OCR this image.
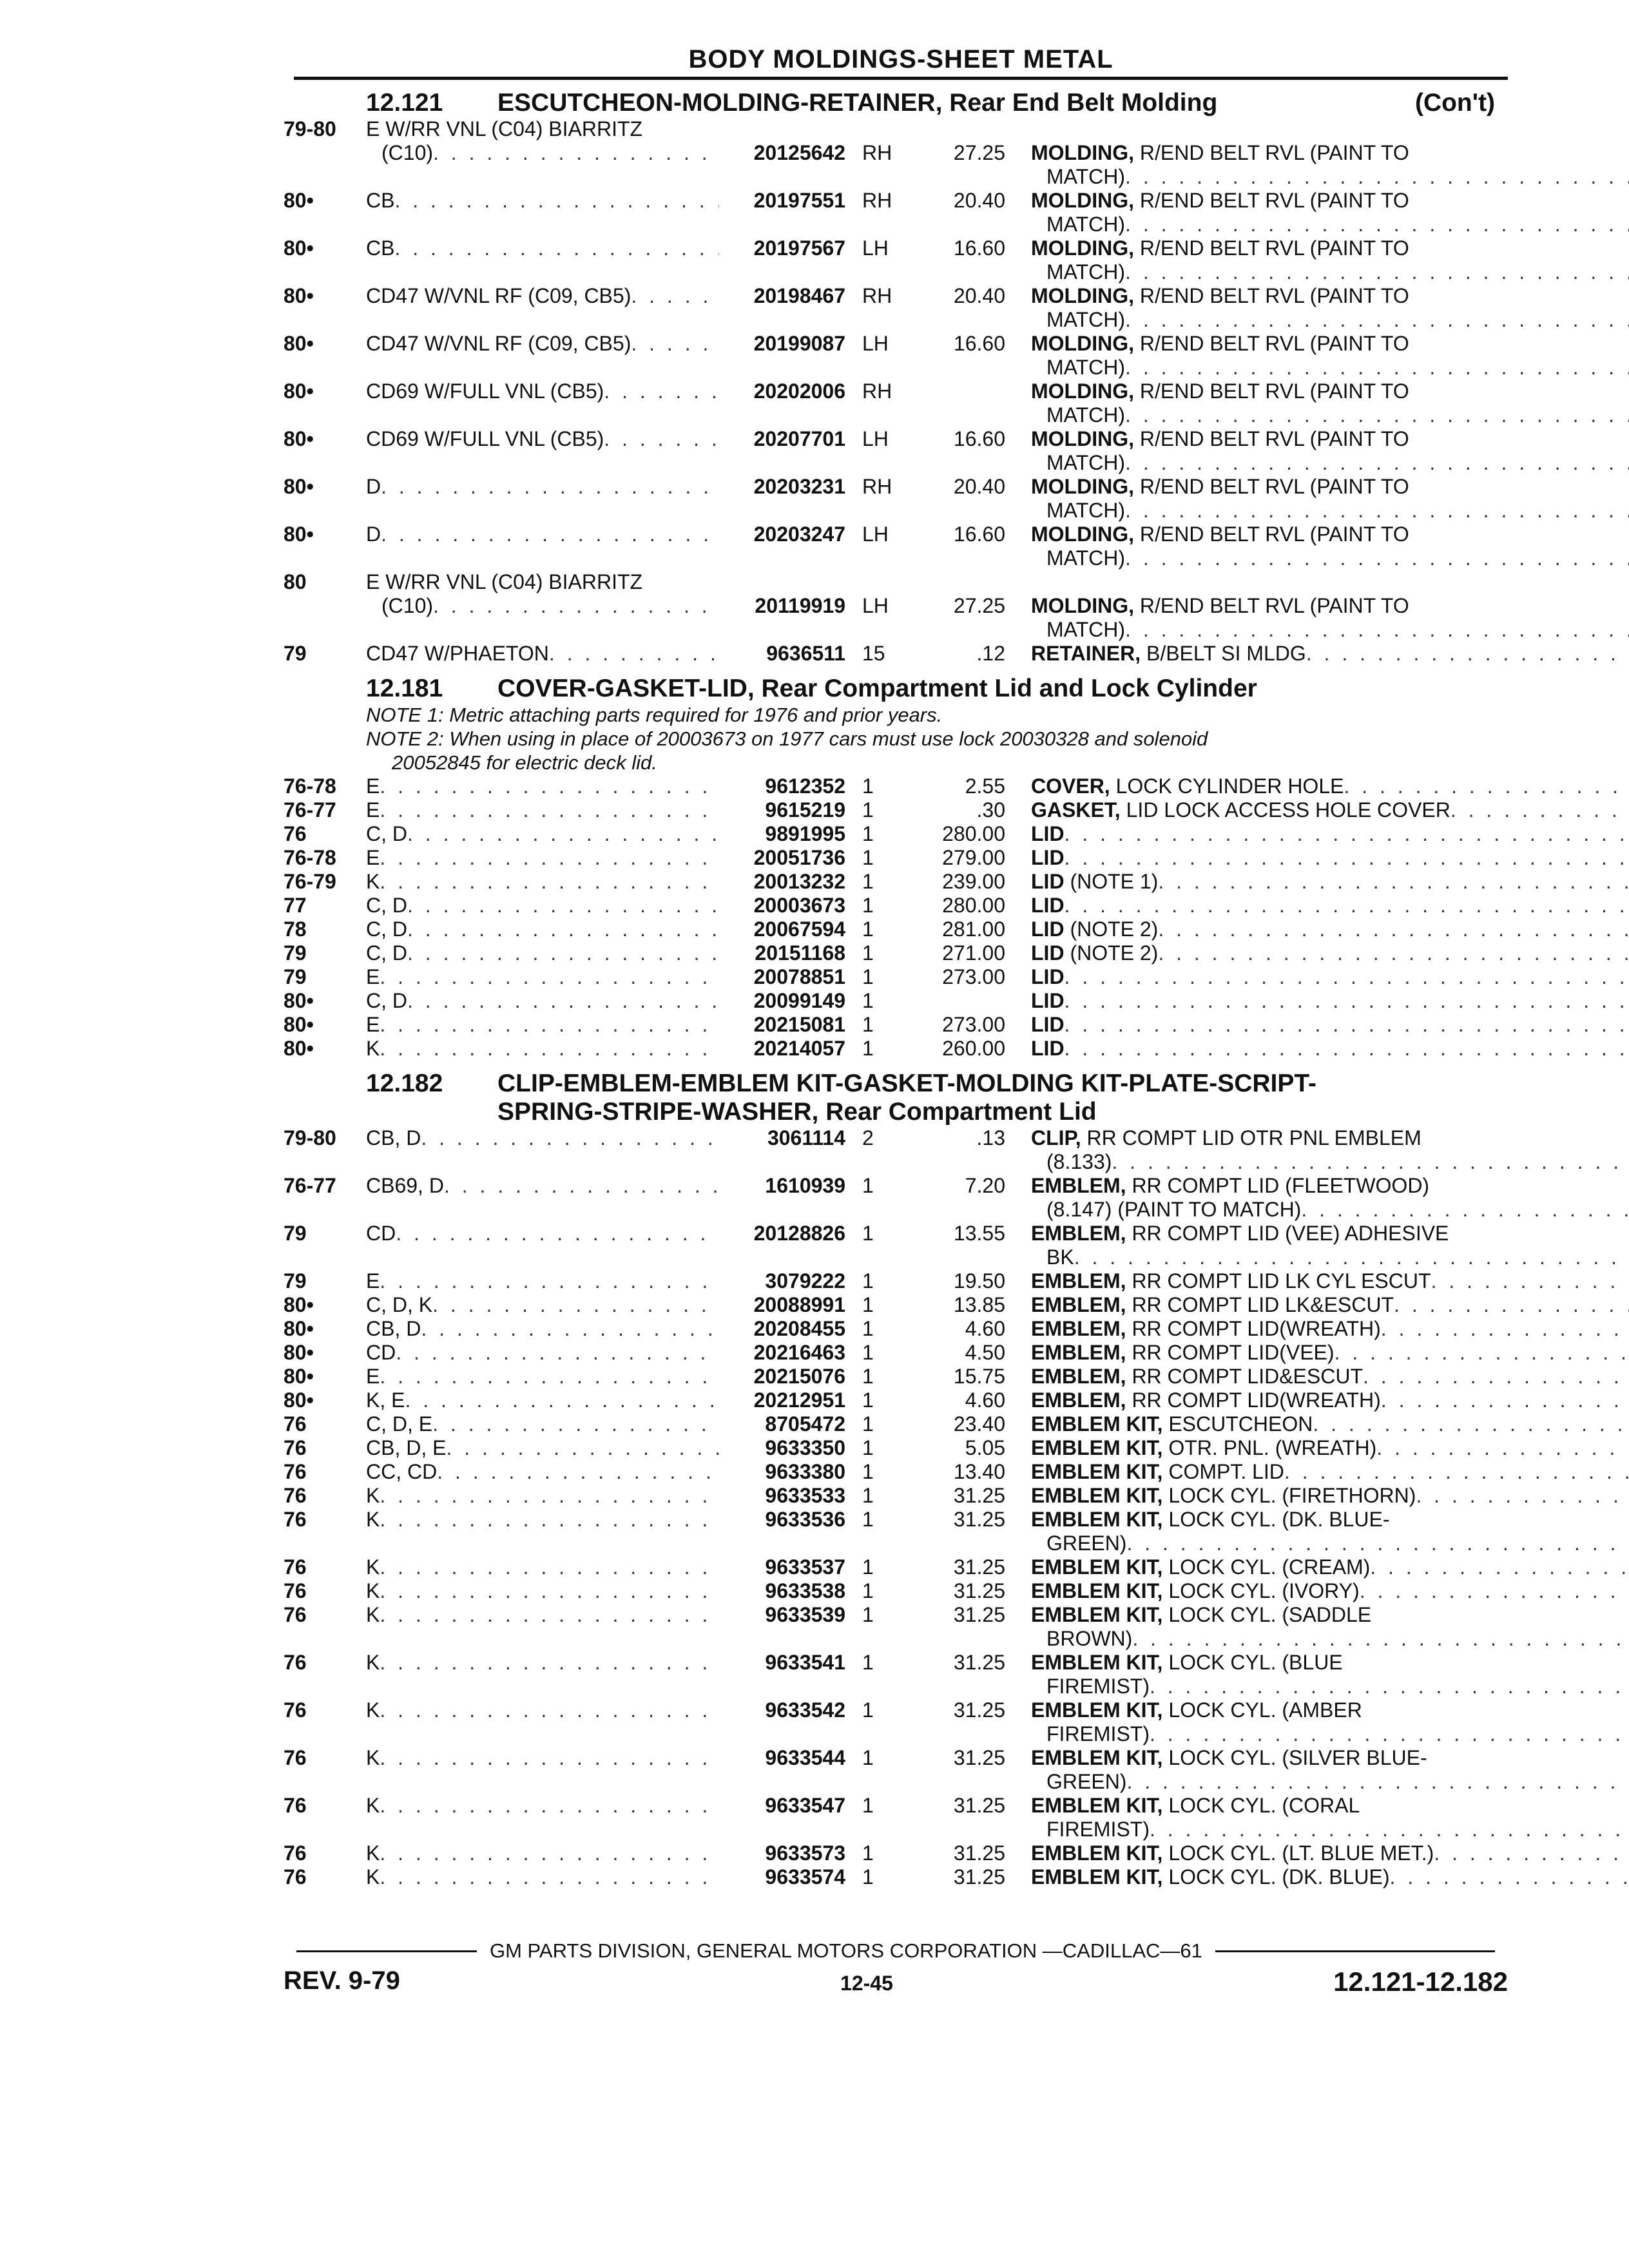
BODY MOLDINGS-SHEET METAL
12.121	ESCUTCHEON-MOLDING-RETAINER, Rear End Belt Molding	(Con't)
79-80	E W/RR VNL (C04) BIARRITZ
(C10) . . .	20125642 RH	27.25 MOLDING, R/END BELT RVL (PAINT TO
MATCH)
. . .
80•	CB . . .	20197551 RH	20.40 MOLDING, R/END BELT RVL (PAINT TO
MATCH)
. . .
80•	CB . . .	20197567 LH	16.60 MOLDING, R/END BELT RVL (PAINT TO
MATCH)
. . .
80•	CD47 W/VNL RF (C09, CB5) . . .	20198467 RH	20.40 MOLDING, R/END BELT RVL (PAINT TO
MATCH)
. . .
80•	CD47 W/VNL RF (C09, CB5) . . .	20199087 LH	16.60 MOLDING, R/END BELT RVL (PAINT TO
MATCH)
. . .
80•	CD69 W/FULL VNL (CB5) . . .	20202006 RH	MOLDING, R/END BELT RVL (PAINT TO
MATCH)
. . .
80•	CD69 W/FULL VNL (CB5) . . .	20207701 LH	16.60 MOLDING, R/END BELT RVL (PAINT TO
MATCH)
. . .
80•	D . . .	20203231 RH	20.40 MOLDING, R/END BELT RVL (PAINT TO
MATCH)
. . .
80•	D . . .	20203247 LH	16.60 MOLDING, R/END BELT RVL (PAINT TO
MATCH)
. . .
80	E W/RR VNL (C04) BIARRITZ
(C10) . . .	20119919 LH	27.25 MOLDING, R/END BELT RVL (PAINT TO
MATCH)
. . .
79	CD47 W/PHAETON . . .	9636511 15	.12 RETAINER, B/BELT SI MLDG
. . .
12.181	COVER-GASKET-LID, Rear Compartment Lid and Lock Cylinder
NOTE 1: Metric attaching parts required for 1976 and prior years.
NOTE 2: When using in place of 20003673 on 1977 cars must use lock 20030328 and solenoid
20052845 for electric deck lid.
76-78	E . . .	9612352 1	2.55 COVER, LOCK CYLINDER HOLE
. . .
76-77	E . . .	9615219 1	.30 GASKET, LID LOCK ACCESS HOLE COVER
. . .
76	C, D . . .	9891995 1	280.00 LID
. . .
76-78	E . . .	20051736 1	279.00 LID
. . .
76-79	K . . .	20013232 1	239.00 LID (NOTE 1)
. . .
77	C, D . . .	20003673 1	280.00 LID
. . .
78	C, D . . .	20067594 1	281.00 LID (NOTE 2)
. . .
79	C, D . . .	20151168 1	271.00 LID (NOTE 2)
. . .
79	E . . .	20078851 1	273.00 LID
. . .
80•	C, D . . .	20099149 1	LID
. . .
80•	E . . .	20215081 1	273.00 LID
. . .
80•	K . . .	20214057 1	260.00 LID
. . .
12.182	CLIP-EMBLEM-EMBLEM KIT-GASKET-MOLDING KIT-PLATE-SCRIPT-
SPRING-STRIPE-WASHER, Rear Compartment Lid
79-80	CB, D . . .	3061114 2	.13 CLIP, RR COMPT LID OTR PNL EMBLEM
(8.133)
. . .
76-77	CB69, D . . .	1610939 1	7.20 EMBLEM, RR COMPT LID (FLEETWOOD)
(8.147) (PAINT TO MATCH)
. . .
79	CD . . .	20128826 1	13.55 EMBLEM, RR COMPT LID (VEE) ADHESIVE
BK
. . .
79	E . . .	3079222 1	19.50 EMBLEM, RR COMPT LID LK CYL ESCUT
. . .
80•	C, D, K . . .	20088991 1	13.85 EMBLEM, RR COMPT LID LK&ESCUT
. . .
80•	CB, D . . .	20208455 1	4.60 EMBLEM, RR COMPT LID(WREATH)
. . .
80•	CD . . .	20216463 1	4.50 EMBLEM, RR COMPT LID(VEE)
. . .
80•	E . . .	20215076 1	15.75 EMBLEM, RR COMPT LID&ESCUT
. . .
80•	K, E . . .	20212951 1	4.60 EMBLEM, RR COMPT LID(WREATH)
. . .
76	C, D, E . . .	8705472 1	23.40 EMBLEM KIT, ESCUTCHEON
. . .
76	CB, D, E . . .	9633350 1	5.05 EMBLEM KIT, OTR. PNL. (WREATH)
. . .
76	CC, CD . . .	9633380 1	13.40 EMBLEM KIT, COMPT. LID
. . .
76	K . . .	9633533 1	31.25 EMBLEM KIT, LOCK CYL. (FIRETHORN)
. . .
76	K . . .	9633536 1	31.25 EMBLEM KIT, LOCK CYL. (DK. BLUE-
GREEN)
. . .
76	K . . .	9633537 1	31.25 EMBLEM KIT, LOCK CYL. (CREAM)
. . .
76	K . . .	9633538 1	31.25 EMBLEM KIT, LOCK CYL. (IVORY)
. . .
76	K . . .	9633539 1	31.25 EMBLEM KIT, LOCK CYL. (SADDLE
BROWN)
. . .
76	K . . .	9633541 1	31.25 EMBLEM KIT, LOCK CYL. (BLUE
FIREMIST)
. . .
76	K . . .	9633542 1	31.25 EMBLEM KIT, LOCK CYL. (AMBER
FIREMIST)
. . .
76	K . . .	9633544 1	31.25 EMBLEM KIT, LOCK CYL. (SILVER BLUE-
GREEN)
. . .
76	K . . .	9633547 1	31.25 EMBLEM KIT, LOCK CYL. (CORAL
FIREMIST)
. . .
76	K . . .	9633573 1	31.25 EMBLEM KIT, LOCK CYL. (LT. BLUE MET.)
. . .
76	K . . .	9633574 1	31.25 EMBLEM KIT, LOCK CYL. (DK. BLUE)
. . .
GM PARTS DIVISION, GENERAL MOTORS CORPORATION —CADILLAC—61
REV. 9-79	12-45	12.121-12.182
